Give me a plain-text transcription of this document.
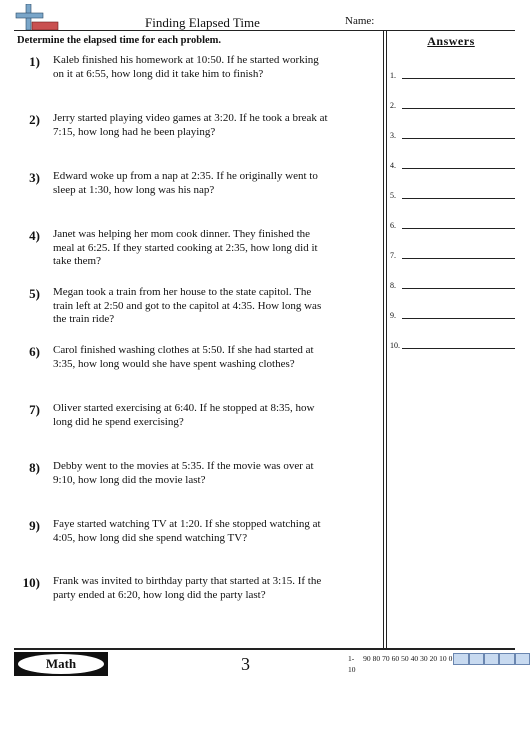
Finding Elapsed Time	Name:
Determine the elapsed time for each problem.	Answers
1) Kaleb finished his homework at 10:50. If he started working on it at 6:55, how long did it take him to finish?
2) Jerry started playing video games at 3:20. If he took a break at 7:15, how long had he been playing?
3) Edward woke up from a nap at 2:35. If he originally went to sleep at 1:30, how long was his nap?
4) Janet was helping her mom cook dinner. They finished the meal at 6:25. If they started cooking at 2:35, how long did it take them?
5) Megan took a train from her house to the state capitol. The train left at 2:50 and got to the capitol at 4:35. How long was the train ride?
6) Carol finished washing clothes at 5:50. If she had started at 3:35, how long would she have spent washing clothes?
7) Oliver started exercising at 6:40. If he stopped at 8:35, how long did he spend exercising?
8) Debby went to the movies at 5:35. If the movie was over at 9:10, how long did the movie last?
9) Faye started watching TV at 1:20. If she stopped watching at 4:05, how long did she spend watching TV?
10) Frank was invited to birthday party that started at 3:15. If the party ended at 6:20, how long did the party last?
1.
2.
3.
4.
5.
6.
7.
8.
9.
10.
Math	3	1-10
90 80 70 60 50 40 30 20 10 0
